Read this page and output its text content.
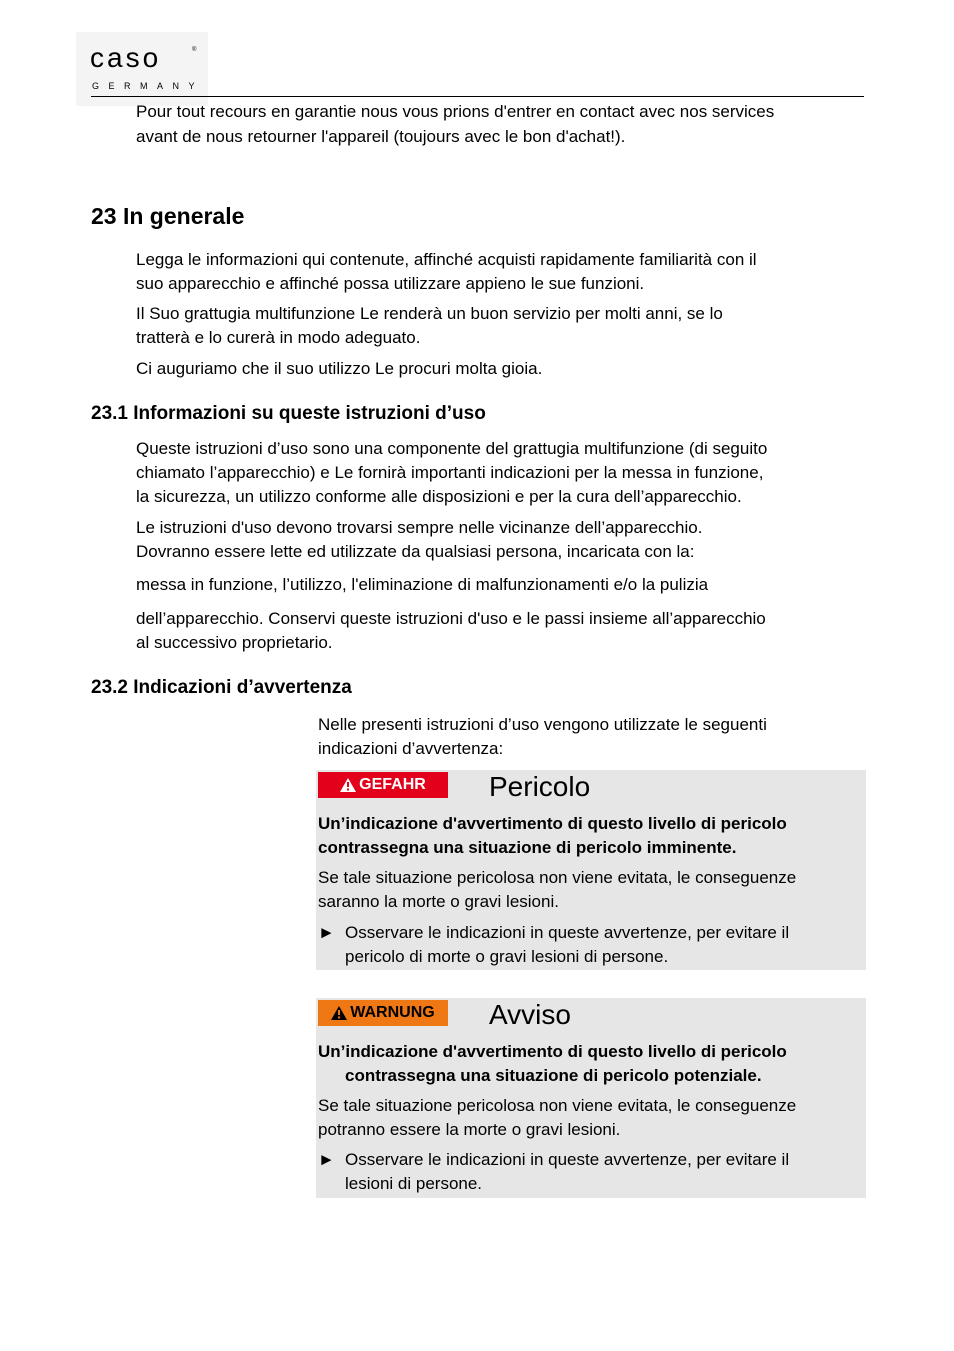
caso	®
GERMANY

Pour tout recours en garantie nous vous prions d'entrer en contact avec nos services

avant de nous retourner l'appareil (toujours avec le bon d'achat!).

23 In generale

Legga le informazioni qui contenute, affinché acquisti rapidamente familiarità con il

suo apparecchio e affinché possa utilizzare appieno le sue funzioni.

Il Suo grattugia multifunzione Le renderà un buon servizio per molti anni, se lo

tratterà e lo curerà in modo adeguato.

Ci auguriamo che il suo utilizzo Le procuri molta gioia.

23.1 Informazioni su queste istruzioni d’uso

Queste istruzioni d’uso sono una componente del grattugia multifunzione (di seguito

chiamato l’apparecchio) e Le fornirà importanti indicazioni per la messa in funzione,

la sicurezza, un utilizzo conforme alle disposizioni e per la cura dell’apparecchio.

Le istruzioni d'uso devono trovarsi sempre nelle vicinanze dell’apparecchio.

Dovranno essere lette ed utilizzate da qualsiasi persona, incaricata con la:

messa in funzione, l’utilizzo, l'eliminazione di malfunzionamenti e/o la pulizia

dell’apparecchio. Conservi queste istruzioni d'uso e le passi insieme all’apparecchio

al successivo proprietario.

23.2 Indicazioni d’avvertenza

Nelle presenti istruzioni d’uso vengono utilizzate le seguenti

indicazioni d’avvertenza:

GEFAHR Pericolo

Un’indicazione d'avvertimento di questo livello di pericolo

contrassegna una situazione di pericolo imminente.

Se tale situazione pericolosa non viene evitata, le conseguenze

saranno la morte o gravi lesioni.

► Osservare le indicazioni in queste avvertenze, per evitare il

pericolo di morte o gravi lesioni di persone.

WARNUNG Avviso

Un’indicazione d'avvertimento di questo livello di pericolo

contrassegna una situazione di pericolo potenziale.

Se tale situazione pericolosa non viene evitata, le conseguenze

potranno essere la morte o gravi lesioni.

► Osservare le indicazioni in queste avvertenze, per evitare il

lesioni di persone.
